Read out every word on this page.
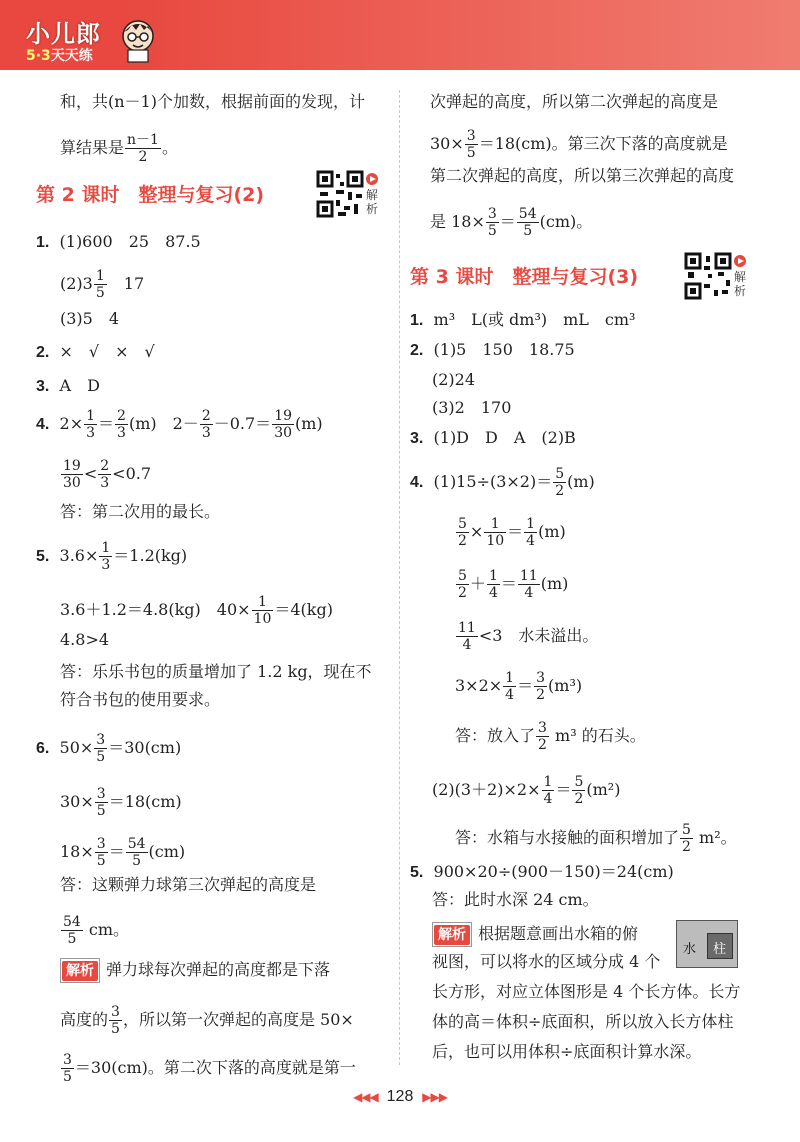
小儿郎
5·3天天练
和，共(n－1)个加数，根据前面的发现，计
算结果是 $\frac{n-1}{2}$ 。
第 2 课时　整理与复习(2)	解析
1. (1)600　25　87.5
$(2)3 \frac{1}{5}$ 　17
(3)5　4
2. ×　√　×　√
3. A　D
4. $2\times \frac{1}{3} = \frac{2}{3} (m)$　$2- \frac{2}{3} -0.7= \frac{19}{30} (m)$
$\frac{19}{30} < \frac{2}{3} <0.7$
答：第二次用的最长。
5. $3.6\times \frac{1}{3} =1.2(kg)$
3.6＋1.2＝4.8(kg)　$40\times \frac{1}{10} =4(kg)$
4.8>4
答：乐乐书包的质量增加了 1.2 kg，现在不
符合书包的使用要求。
6. $50\times \frac{3}{5} =30(cm)$
$30\times \frac{3}{5} =18(cm)$
$18\times \frac{3}{5} = \frac{54}{5} (cm)$
答：这颗弹力球第三次弹起的高度是
$\frac{54}{5}$ cm。
解析 弹力球每次弹起的高度都是下落
高度的 $\frac{3}{5}$ ，所以第一次弹起的高度是 50×
$\frac{3}{5} =30(cm)$。第二次下落的高度就是第一
次弹起的高度，所以第二次弹起的高度是
$30\times \frac{3}{5} =18(cm)$。第三次下落的高度就是
第二次弹起的高度，所以第三次弹起的高度
是 $18\times \frac{3}{5} = \frac{54}{5} (cm)$。
第 3 课时　整理与复习(3)	解析
1. m³　L(或 dm³)　mL　cm³
2. (1)5　150　18.75
(2)24
(3)2　170
3. (1)D　D　A　(2)B
4. $(1)15\div(3\times 2)= \frac{5}{2} (m)$
$\frac{5}{2} \times \frac{1}{10} = \frac{1}{4} (m)$
$\frac{5}{2} + \frac{1}{4} = \frac{11}{4} (m)$
$\frac{11}{4} <3$　水未溢出。
$3\times 2\times \frac{1}{4} = \frac{3}{2} (m^3)$
答：放入了 $\frac{3}{2} m^3$ 的石头。
$(2)(3+2)\times 2\times \frac{1}{4} = \frac{5}{2} (m^2)$
答：水箱与水接触的面积增加了 $\frac{5}{2} m^2$。
5. 900×20÷(900－150)＝24(cm)
答：此时水深 24 cm。
解析 根据题意画出水箱的俯
水 柱
视图，可以将水的区域分成 4 个
长方形，对应立体图形是 4 个长方体。长方
体的高＝体积÷底面积，所以放入长方体柱
后，也可以用体积÷底面积计算水深。
◀◀◀ 128 ▶▶▶
